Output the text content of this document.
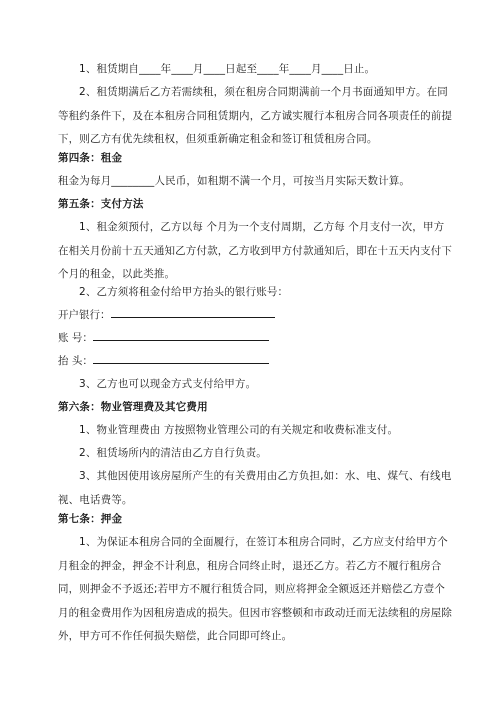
1、租赁期自____年____月____日起至____年____月____日止。

2、租赁期满后乙方若需续租，须在租房合同期满前一个月书面通知甲方。在同等租约条件下，及在本租房合同租赁期内，乙方诚实履行本租房合同各项责任的前提下，则乙方有优先续租权，但须重新确定租金和签订租赁租房合同。

第四条：租金

租金为每月________人民币，如租期不满一个月，可按当月实际天数计算。

第五条：支付方法

1、租金须预付，乙方以每 个月为一个支付周期，乙方每 个月支付一次，甲方在相关月份前十五天通知乙方付款，乙方收到甲方付款通知后，即在十五天内支付下个月的租金，以此类推。

2、乙方须将租金付给甲方抬头的银行账号：

开户银行：

账 号：

抬 头：

3、乙方也可以现金方式支付给甲方。

第六条：物业管理费及其它费用

1、物业管理费由 方按照物业管理公司的有关规定和收费标准支付。

2、租赁场所内的清洁由乙方自行负责。

3、其他因使用该房屋所产生的有关费用由乙方负担,如：水、电、煤气、有线电视、电话费等。

第七条：押金

1、为保证本租房合同的全面履行，在签订本租房合同时，乙方应支付给甲方个月租金的押金，押金不计利息，租房合同终止时，退还乙方。若乙方不履行租房合同，则押金不予返还;若甲方不履行租赁合同，则应将押金全额返还并赔偿乙方壹个月的租金费用作为因租房造成的损失。但因市容整顿和市政动迁而无法续租的房屋除外，甲方可不作任何损失赔偿，此合同即可终止。
